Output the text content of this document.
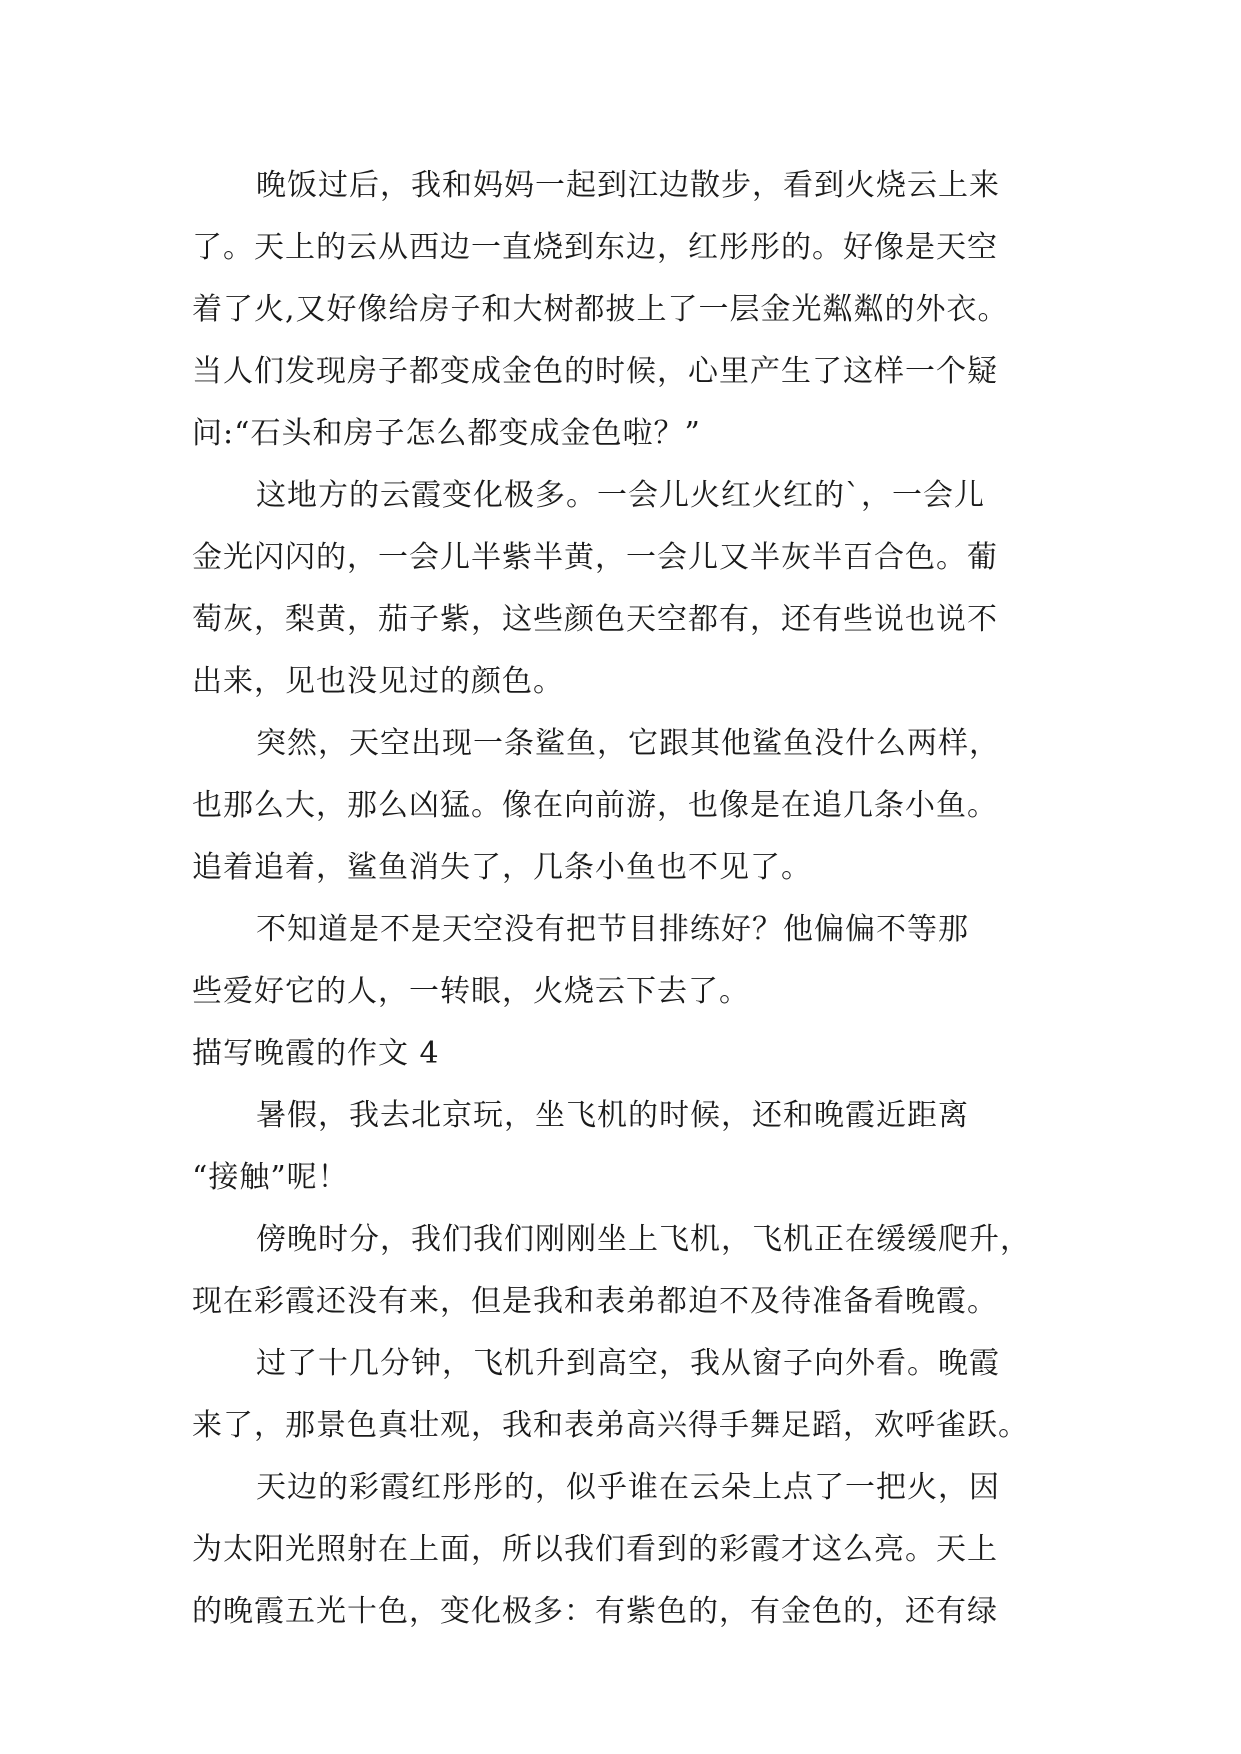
晚饭过后，我和妈妈一起到江边散步，看到火烧云上来
了。天上的云从西边一直烧到东边，红彤彤的。好像是天空
着了火,又好像给房子和大树都披上了一层金光粼粼的外衣。
当人们发现房子都变成金色的时候，心里产生了这样一个疑
问:“石头和房子怎么都变成金色啦？”
这地方的云霞变化极多。一会儿火红火红的`，一会儿
金光闪闪的，一会儿半紫半黄，一会儿又半灰半百合色。葡
萄灰，梨黄，茄子紫，这些颜色天空都有，还有些说也说不
出来，见也没见过的颜色。
突然，天空出现一条鲨鱼，它跟其他鲨鱼没什么两样，
也那么大，那么凶猛。像在向前游，也像是在追几条小鱼。
追着追着，鲨鱼消失了，几条小鱼也不见了。
不知道是不是天空没有把节目排练好？他偏偏不等那
些爱好它的人，一转眼，火烧云下去了。
描写晚霞的作文 4
暑假，我去北京玩，坐飞机的时候，还和晚霞近距离
“接触”呢！
傍晚时分，我们我们刚刚坐上飞机，飞机正在缓缓爬升，
现在彩霞还没有来，但是我和表弟都迫不及待准备看晚霞。
过了十几分钟，飞机升到高空，我从窗子向外看。晚霞
来了，那景色真壮观，我和表弟高兴得手舞足蹈，欢呼雀跃。
天边的彩霞红彤彤的，似乎谁在云朵上点了一把火，因
为太阳光照射在上面，所以我们看到的彩霞才这么亮。天上
的晚霞五光十色，变化极多：有紫色的，有金色的，还有绿
